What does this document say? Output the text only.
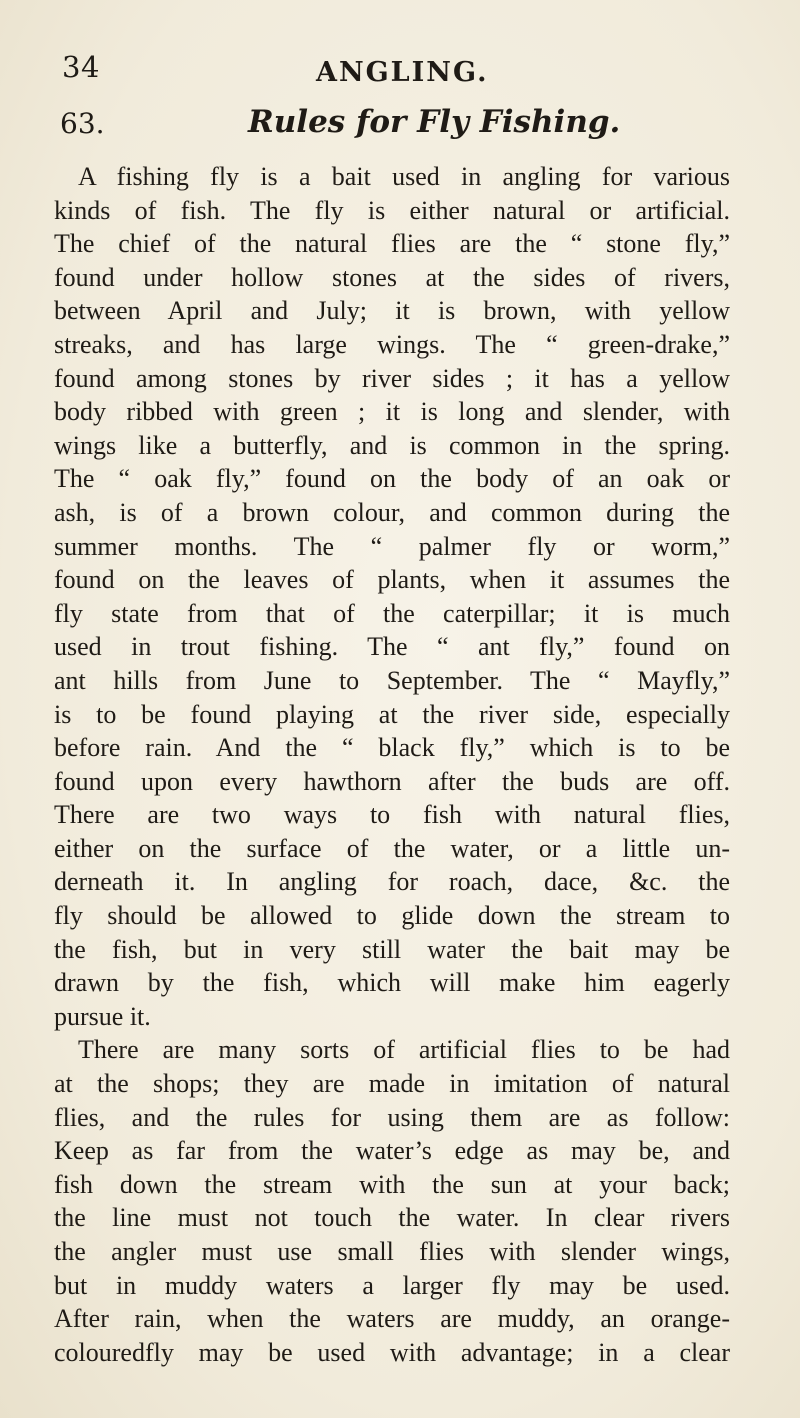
34	ANGLING.
63.	Rules for Fly Fishing.
A fishing fly is a bait used in angling for various
kinds of fish. The fly is either natural or artificial.
The chief of the natural flies are the “ stone fly,”
found under hollow stones at the sides of rivers,
between April and July; it is brown, with yellow
streaks, and has large wings. The “ green-drake,”
found among stones by river sides ; it has a yellow
body ribbed with green ; it is long and slender, with
wings like a butterfly, and is common in the spring.
The “ oak fly,” found on the body of an oak or
ash, is of a brown colour, and common during the
summer months. The “ palmer fly or worm,”
found on the leaves of plants, when it assumes the
fly state from that of the caterpillar; it is much
used in trout fishing. The “ ant fly,” found on
ant hills from June to September. The “ Mayfly,”
is to be found playing at the river side, especially
before rain. And the “ black fly,” which is to be
found upon every hawthorn after the buds are off.
There are two ways to fish with natural flies,
either on the surface of the water, or a little un-
derneath it. In angling for roach, dace, &c. the
fly should be allowed to glide down the stream to
the fish, but in very still water the bait may be
drawn by the fish, which will make him eagerly
pursue it.
There are many sorts of artificial flies to be had
at the shops; they are made in imitation of natural
flies, and the rules for using them are as follow:
Keep as far from the water’s edge as may be, and
fish down the stream with the sun at your back;
the line must not touch the water. In clear rivers
the angler must use small flies with slender wings,
but in muddy waters a larger fly may be used.
After rain, when the waters are muddy, an orange-
colouredfly may be used with advantage; in a clear
